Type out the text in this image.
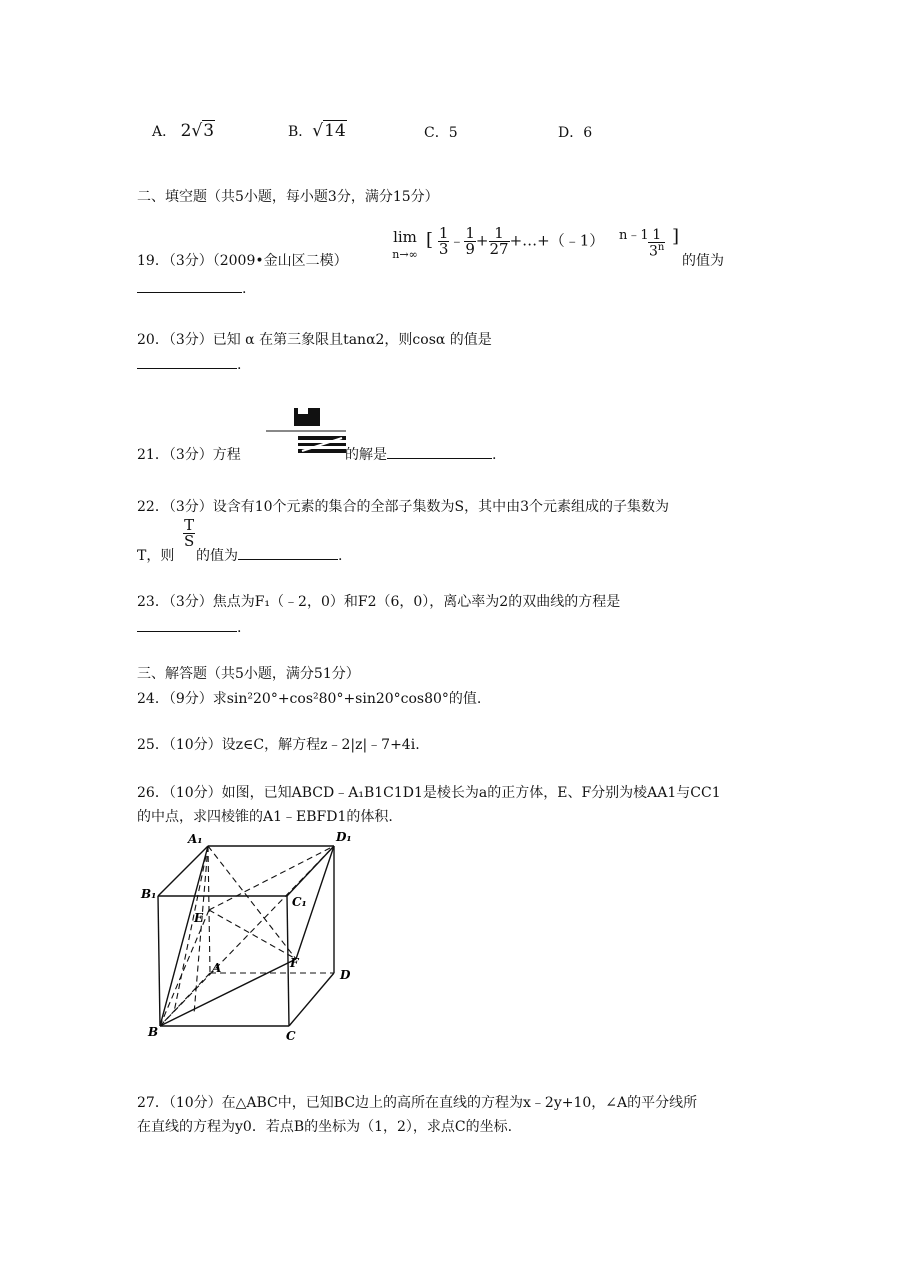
A． 2√3	B．√14	C．5	D．6
二、填空题（共5小题，每小题3分，满分15分）
19．（3分）（2009•金山区二模）
lim
n→∞
[ $\frac{1}{3}$ ﹣ $\frac{1}{9} + \frac{1}{27}$ +…+（﹣1） n﹣1 $\frac{1}{3^n}$ ]
的值为
.
20．（3分）已知 α 在第三象限且tanα2，则cosα 的值是
.
21．（3分）方程	的解是	.
22．（3分）设含有10个元素的集合的全部子集数为S，其中由3个元素组成的子集数为
T，则
$\frac{T}{S}$
的值为	.
23．（3分）焦点为F₁（﹣2，0）和F2（6，0），离心率为2的双曲线的方程是
.
三、解答题（共5小题，满分51分）
24．（9分）求sin²20°+cos²80°+sin20°cos80°的值.
25．（10分）设z∈C，解方程z﹣2|z|﹣7+4i.
26．（10分）如图，已知ABCD﹣A₁B1C1D1是棱长为a的正方体，E、F分别为棱AA1与CC1
的中点，求四棱锥的A1﹣EBFD1的体积.
A₁	D₁
B₁
C₁
E
A	F
D
B	C
27．（10分）在△ABC中，已知BC边上的高所在直线的方程为x﹣2y+10，∠A的平分线所
在直线的方程为y0．若点B的坐标为（1，2），求点C的坐标.
